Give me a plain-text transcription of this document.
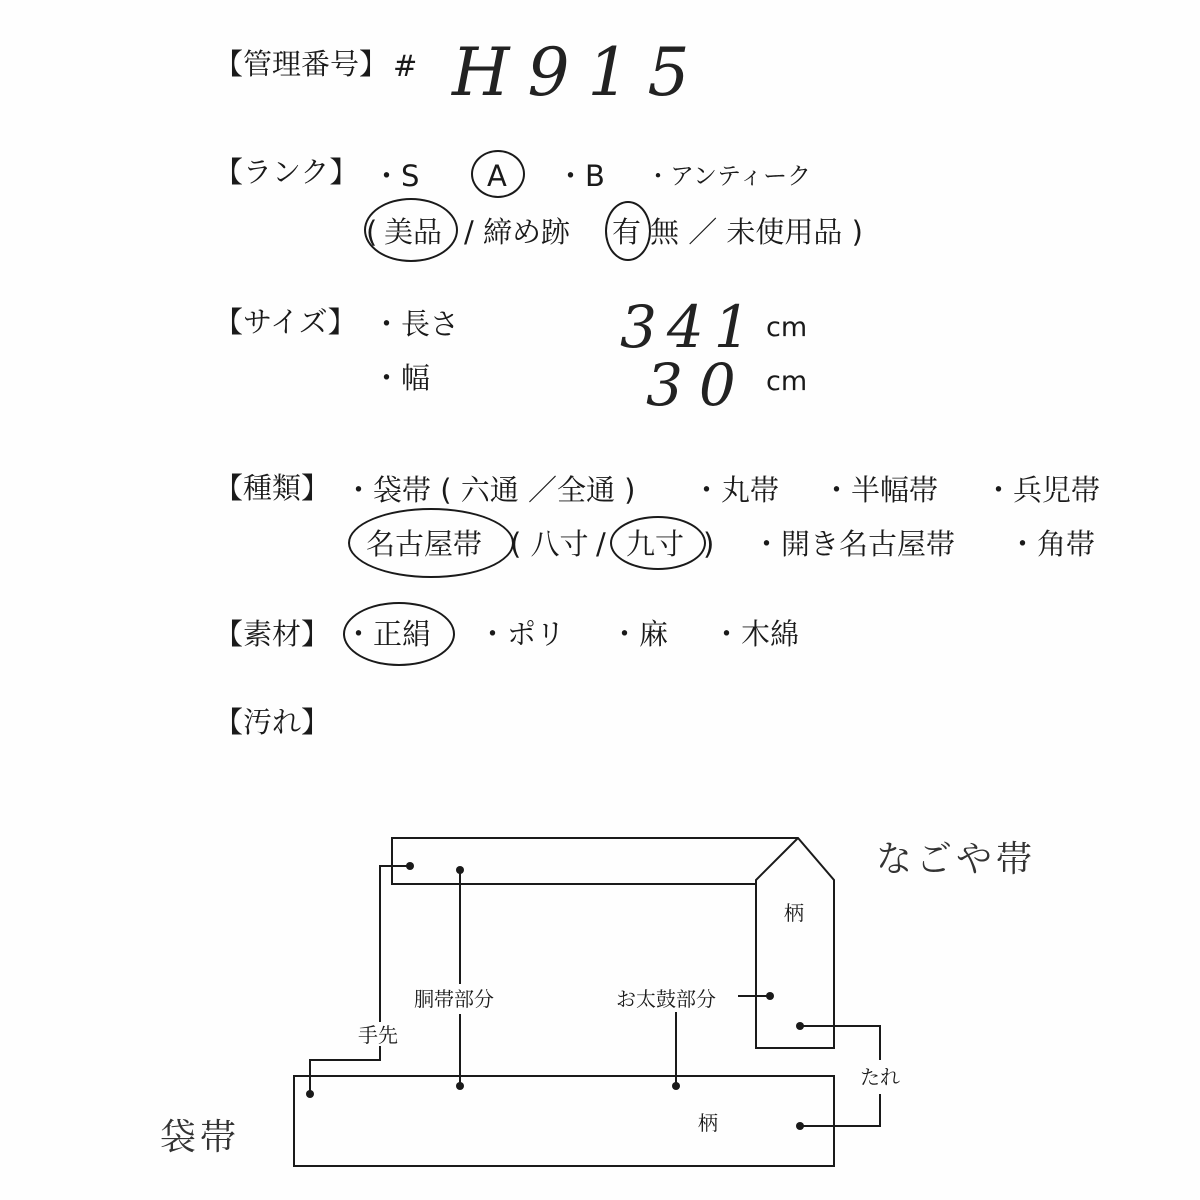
【管理番号】 # H915
【ランク】 ・S A ・B ・アンティーク
( 美品 / 締め跡 有 無 ／ 未使用品 )
【サイズ】 ・長さ	341 cm
・幅	30 cm
【種類】 ・袋帯 ( 六通 ／全通 ) ・丸帯 ・半幅帯 ・兵児帯
名古屋帯 ( 八寸 / 九寸 ) ・開き名古屋帯 ・角帯
【素材】 ・正絹 ・ポリ ・麻 ・木綿
【汚れ】
柄
胴帯部分	お太鼓部分
手先
たれ
柄
なごや帯
袋帯
